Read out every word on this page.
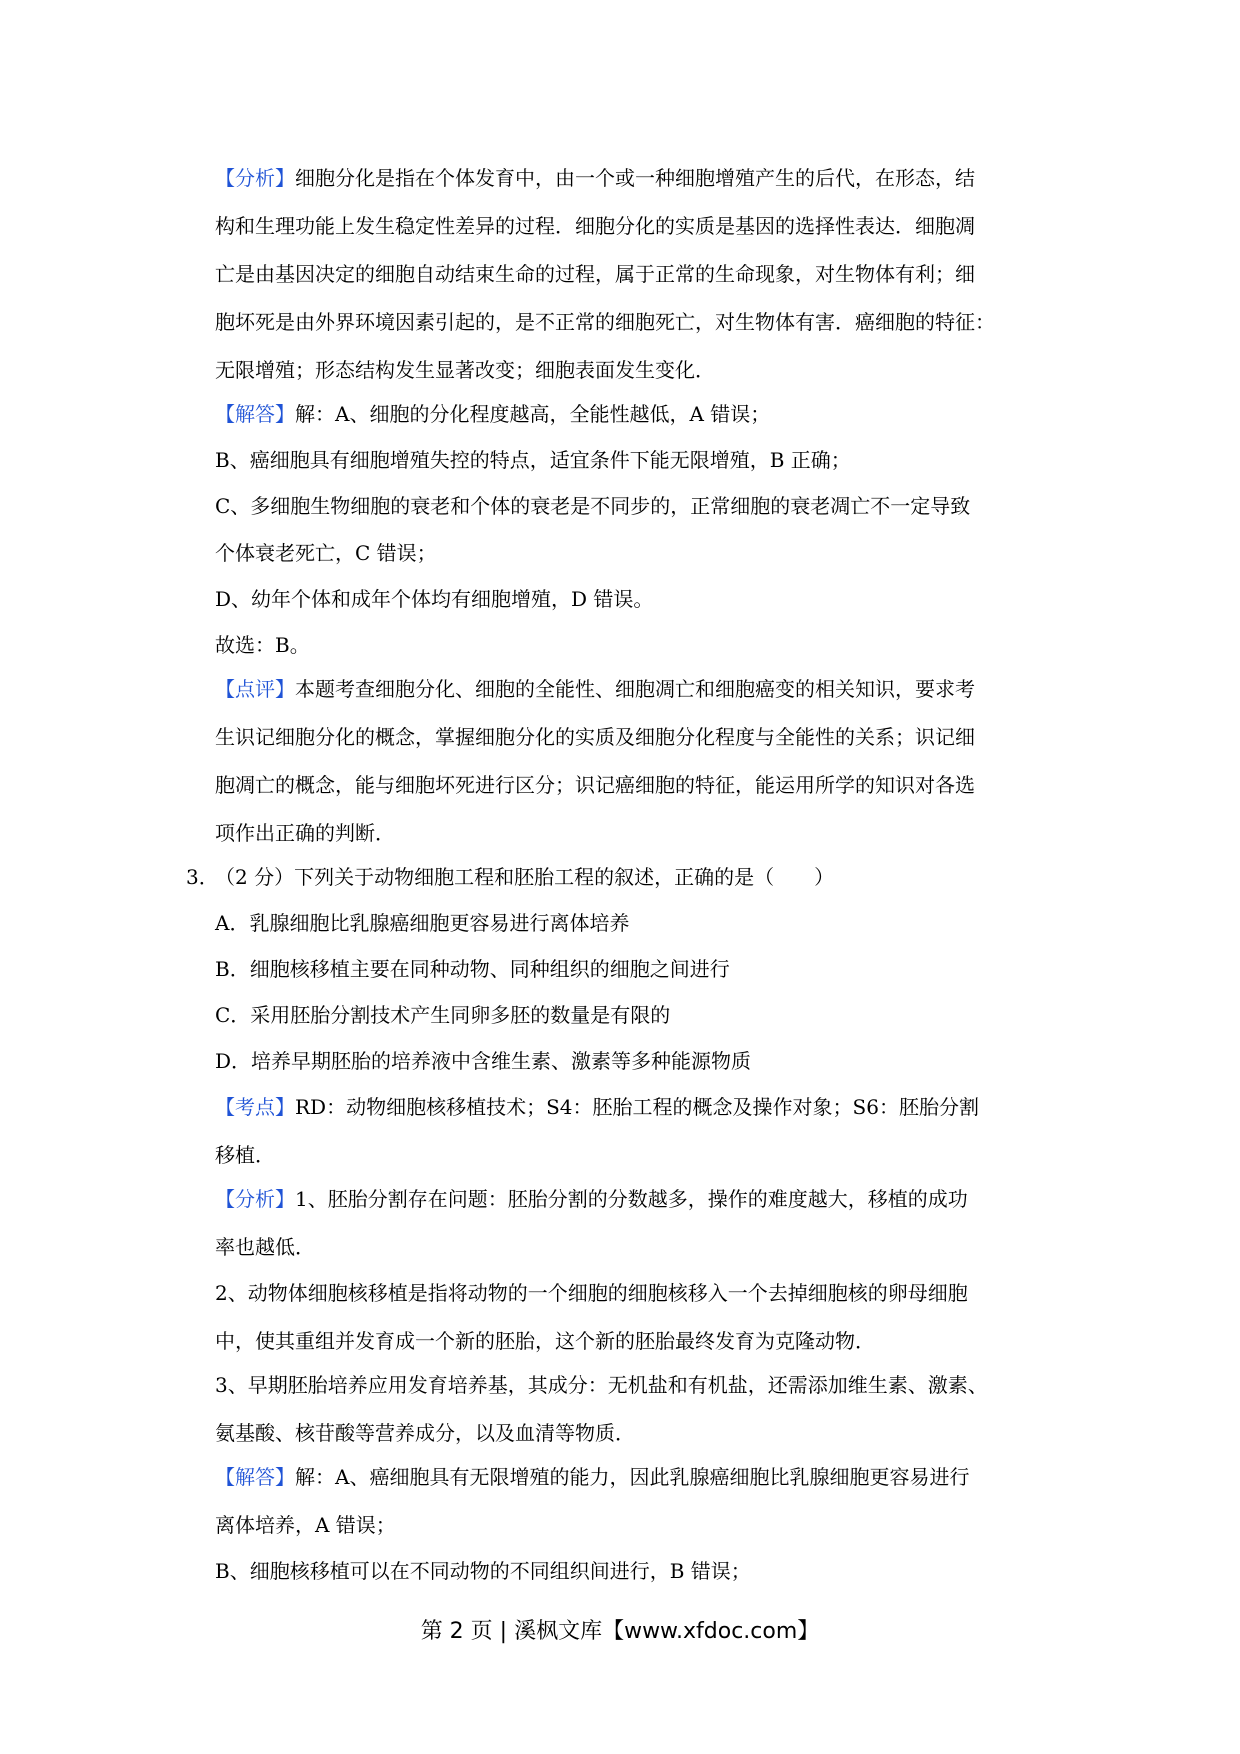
【分析】细胞分化是指在个体发育中，由一个或一种细胞增殖产生的后代，在形态，结
构和生理功能上发生稳定性差异的过程．细胞分化的实质是基因的选择性表达．细胞凋
亡是由基因决定的细胞自动结束生命的过程，属于正常的生命现象，对生物体有利；细
胞坏死是由外界环境因素引起的，是不正常的细胞死亡，对生物体有害．癌细胞的特征：
无限增殖；形态结构发生显著改变；细胞表面发生变化．
【解答】解：A、细胞的分化程度越高，全能性越低，A 错误；
B、癌细胞具有细胞增殖失控的特点，适宜条件下能无限增殖，B 正确；
C、多细胞生物细胞的衰老和个体的衰老是不同步的，正常细胞的衰老凋亡不一定导致
个体衰老死亡，C 错误；
D、幼年个体和成年个体均有细胞增殖，D 错误。
故选：B。
【点评】本题考查细胞分化、细胞的全能性、细胞凋亡和细胞癌变的相关知识，要求考
生识记细胞分化的概念，掌握细胞分化的实质及细胞分化程度与全能性的关系；识记细
胞凋亡的概念，能与细胞坏死进行区分；识记癌细胞的特征，能运用所学的知识对各选
项作出正确的判断．
3．
（2 分）下列关于动物细胞工程和胚胎工程的叙述，正确的是（　　）
A．乳腺细胞比乳腺癌细胞更容易进行离体培养
B．细胞核移植主要在同种动物、同种组织的细胞之间进行
C．采用胚胎分割技术产生同卵多胚的数量是有限的
D．培养早期胚胎的培养液中含维生素、激素等多种能源物质
【考点】RD：动物细胞核移植技术；S4：胚胎工程的概念及操作对象；S6：胚胎分割
移植．
【分析】1、胚胎分割存在问题：胚胎分割的分数越多，操作的难度越大，移植的成功
率也越低．
2、动物体细胞核移植是指将动物的一个细胞的细胞核移入一个去掉细胞核的卵母细胞
中，使其重组并发育成一个新的胚胎，这个新的胚胎最终发育为克隆动物．
3、早期胚胎培养应用发育培养基，其成分：无机盐和有机盐，还需添加维生素、激素、
氨基酸、核苷酸等营养成分，以及血清等物质．
【解答】解：A、癌细胞具有无限增殖的能力，因此乳腺癌细胞比乳腺细胞更容易进行
离体培养，A 错误；
B、细胞核移植可以在不同动物的不同组织间进行，B 错误；
第 2 页 | 溪枫文库【www.xfdoc.com】
